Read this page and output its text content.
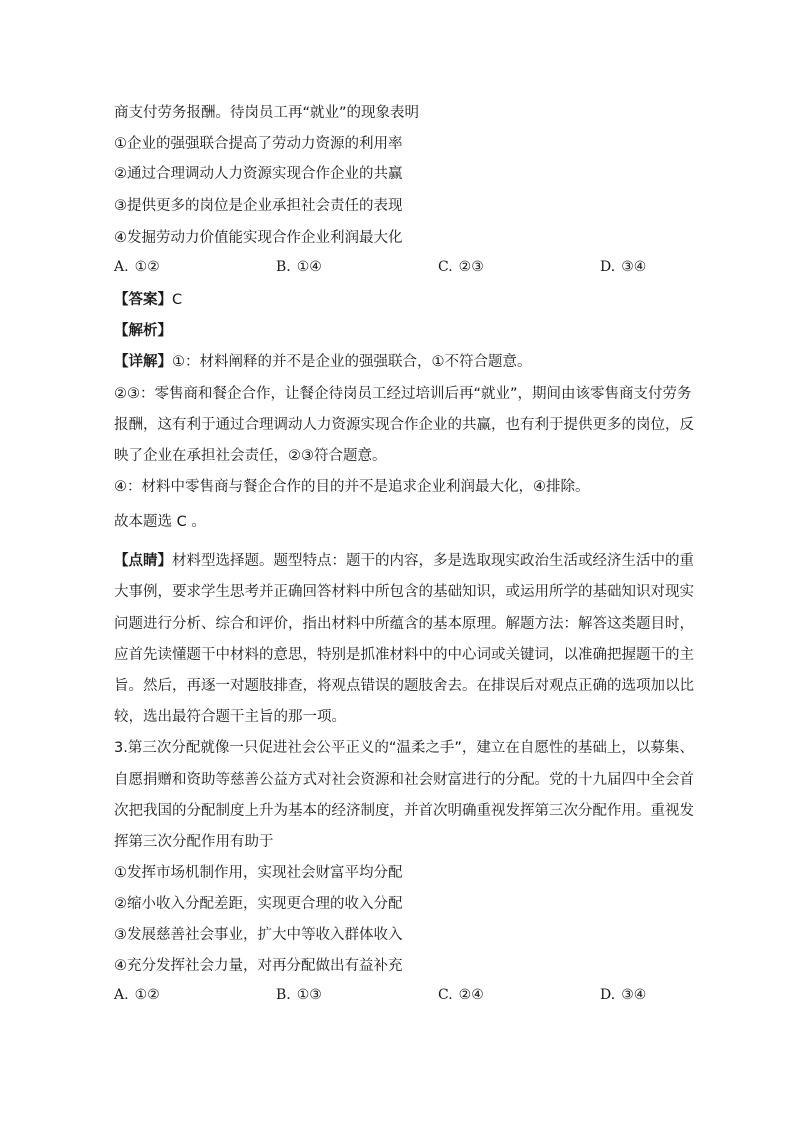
商支付劳务报酬。待岗员工再“就业”的现象表明
①企业的强强联合提高了劳动力资源的利用率
②通过合理调动人力资源实现合作企业的共赢
③提供更多的岗位是企业承担社会责任的表现
④发掘劳动力价值能实现合作企业利润最大化
A. ①②	B. ①④	C. ②③	D. ③④
【答案】C
【解析】
【详解】①：材料阐释的并不是企业的强强联合，①不符合题意。
②③：零售商和餐企合作，让餐企待岗员工经过培训后再“就业”，期间由该零售商支付劳务
报酬，这有利于通过合理调动人力资源实现合作企业的共赢，也有利于提供更多的岗位，反
映了企业在承担社会责任，②③符合题意。
④：材料中零售商与餐企合作的目的并不是追求企业利润最大化，④排除。
故本题选 C 。
【点睛】材料型选择题。题型特点：题干的内容，多是选取现实政治生活或经济生活中的重
大事例，要求学生思考并正确回答材料中所包含的基础知识，或运用所学的基础知识对现实
问题进行分析、综合和评价，指出材料中所蕴含的基本原理。解题方法：解答这类题目时，
应首先读懂题干中材料的意思，特别是抓准材料中的中心词或关键词，以准确把握题干的主
旨。然后，再逐一对题肢排查，将观点错误的题肢舍去。在排误后对观点正确的选项加以比
较，选出最符合题干主旨的那一项。
3.第三次分配就像一只促进社会公平正义的“温柔之手”，建立在自愿性的基础上，以募集、
自愿捐赠和资助等慈善公益方式对社会资源和社会财富进行的分配。党的十九届四中全会首
次把我国的分配制度上升为基本的经济制度，并首次明确重视发挥第三次分配作用。重视发
挥第三次分配作用有助于
①发挥市场机制作用，实现社会财富平均分配
②缩小收入分配差距，实现更合理的收入分配
③发展慈善社会事业，扩大中等收入群体收入
④充分发挥社会力量，对再分配做出有益补充
A. ①②	B. ①③	C. ②④	D. ③④
